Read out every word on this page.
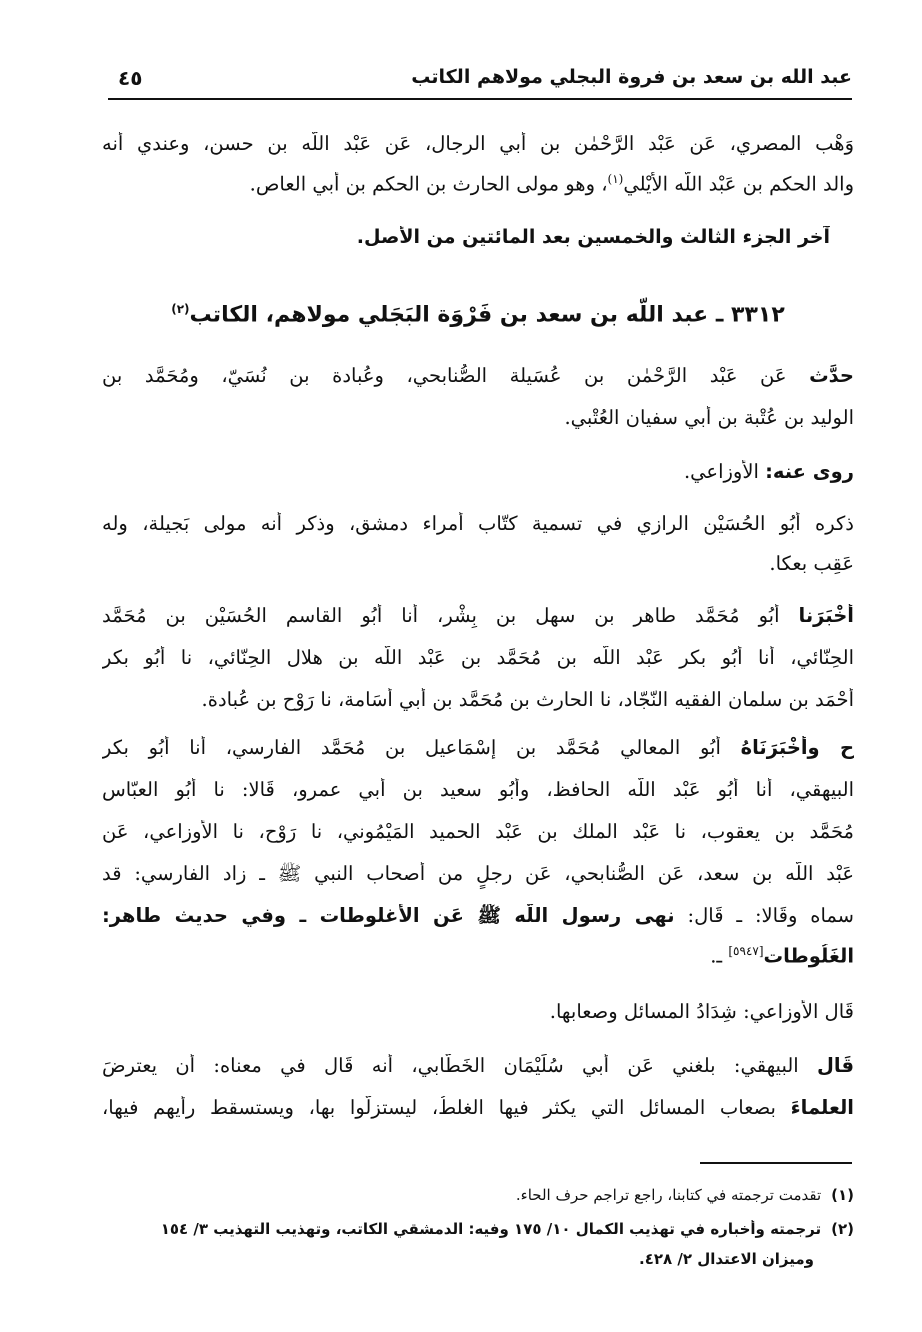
عبد الله بن سعد بن فروة البجلي مولاهم الكاتب
٤٥
وَهْب المصري، عَن عَبْد الرَّحْمٰن بن أَبي الرجال، عَن عَبْد اللّه بن حسن، وعندي أنه
والد الحكم بن عَبْد اللّه الأَيْلي$^{(١)}$، وهو مولى الحارث بن الحكم بن أَبي العاص.
آخر الجزء الثالث والخمسين بعد المائتين من الأصل.
٣٣١٢ ـ عبد اللّه بن سعد بن فَرْوَة البَجَلي مولاهم، الكاتب$^{(٢)}$
حدَّث عَن عَبْد الرَّحْمٰن بن عُسَيلة الصُّنابحي، وعُبادة بن نُسَيّ، ومُحَمَّد بن
الوليد بن عُتْبة بن أَبي سفيان العُتْبي.
روى عنه: الأوزاعي.
ذكره أَبُو الحُسَيْن الرازي في تسمية كتّاب أمراء دمشق، وذكر أنه مولى بَجيلة، وله
عَقِب بعكا.
أَخْبَرَنا أَبُو مُحَمَّد طاهر بن سهل بن بِشْر، أنا أَبُو القاسم الحُسَيْن بن مُحَمَّد
الحِنّائي، أنا أَبُو بكر عَبْد اللّه بن مُحَمَّد بن عَبْد اللّه بن هلال الحِنّائي، نا أَبُو بكر
أَحْمَد بن سلمان الفقيه النّجّاد، نا الحارث بن مُحَمَّد بن أَبي أُسَامة، نا رَوْح بن عُبادة.
ح وأَخْبَرَنَاهُ أَبُو المعالي مُحَمَّد بن إسْمَاعيل بن مُحَمَّد الفارسي، أنا أَبُو بكر
البيهقي، أنا أَبُو عَبْد اللّه الحافظ، وأَبُو سعيد بن أَبي عمرو، قَالا: نا أَبُو العبّاس
مُحَمَّد بن يعقوب، نا عَبْد الملك بن عَبْد الحميد المَيْمُوني، نا رَوْح، نا الأوزاعي، عَن
عَبْد اللّه بن سعد، عَن الصُّنابحي، عَن رجلٍ من أصحاب النبي ﷺ ـ زاد الفارسي: قد
سماه وقَالا: ـ قَال: نهى رسول اللّه ﷺ عَن الأغلوطات ـ وفي حديث طاهر:
الغَلُوطات[٥٩٤٧] ـ.
قَال الأوزاعي: شِدَادُ المسائل وصعابها.
قَال البيهقي: بلغني عَن أَبي سُلَيْمَان الخَطّابي، أنه قَال في معناه: أن يعترضَ
العلماءَ بصعاب المسائل التي يكثر فيها الغلطُ، ليستزلّوا بها، ويستسقط رأيهم فيها،
(١)تقدمت ترجمته في كتابنا، راجع تراجم حرف الحاء.
(٢)ترجمته وأخباره في تهذيب الكمال ١٠/ ١٧٥ وفيه: الدمشقي الكاتب، وتهذيب التهذيب ٣/ ١٥٤
وميزان الاعتدال ٢/ ٤٢٨.
